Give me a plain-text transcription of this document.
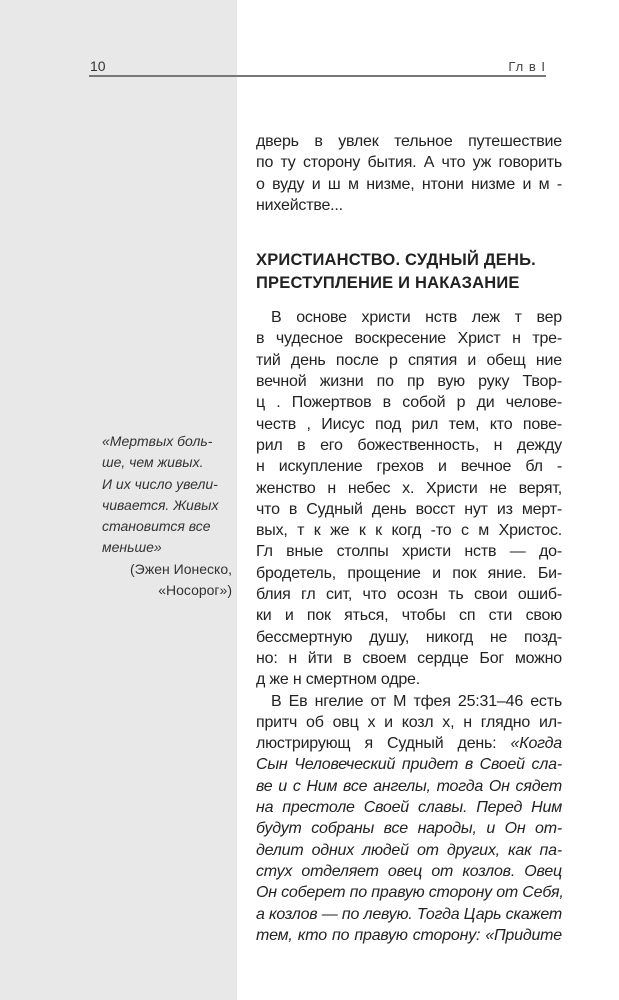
10	Гл в I
дверь в увлек тельное путешествие
по ту сторону бытия. А что уж говорить
о вуду и ш м низме, нтони низме и м -
нихействе...
ХРИСТИАНСТВО. СУДНЫЙ ДЕНЬ.
ПРЕСТУПЛЕНИЕ И НАКАЗАНИЕ
В основе христи нств леж т вер
в чудесное воскресение Христ н тре-
тий день после р спятия и обещ ние
вечной жизни по пр вую руку Твор-
ц . Пожертвов в собой р ди челове-
честв , Иисус под рил тем, кто пове-
рил в его божественность, н дежду
н искупление грехов и вечное бл -
женство н небес х. Христи не верят,
что в Судный день восст нут из мерт-
вых, т к же к к когд -то с м Христос.
Гл вные столпы христи нств — до-
бродетель, прощение и пок яние. Би-
блия гл сит, что осозн ть свои ошиб-
ки и пок яться, чтобы сп сти свою
бессмертную душу, никогд не позд-
но: н йти в своем сердце Бог можно
д же н смертном одре.
В Ев нгелие от М тфея 25:31–46 есть
притч об овц х и козл х, н глядно ил-
люстрирующ я Судный день: «Когда
Сын Человеческий придет в Своей сла-
ве и с Ним все ангелы, тогда Он сядет
на престоле Своей славы. Перед Ним
будут собраны все народы, и Он от-
делит одних людей от других, как па-
стух отделяет овец от козлов. Овец
Он соберет по правую сторону от Себя,
а козлов — по левую. Тогда Царь скажет
тем, кто по правую сторону: «Придите
«Мертвых боль-
ше, чем живых.
И их число увели-
чивается. Живых
становится все
меньше»
(Эжен Ионеско,
«Носорог»)
